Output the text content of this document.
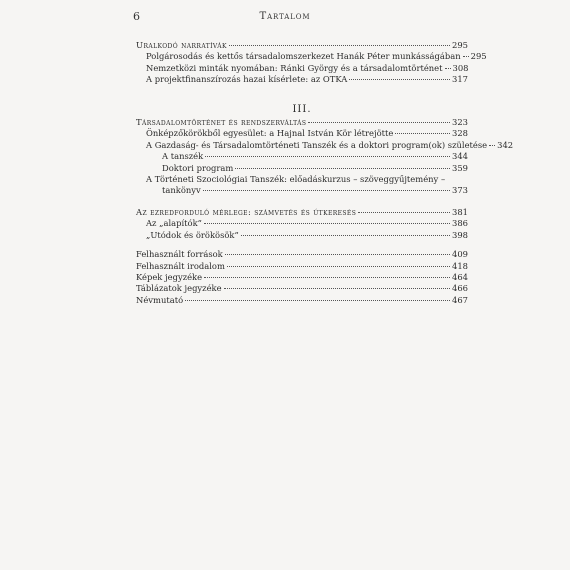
6	Tartalom
Uralkodó narratívák	295
Polgárosodás és kettős társadalomszerkezet Hanák Péter munkásságában 295
Nemzetközi minták nyomában: Ránki György és a társadalomtörténet 308
A projektfinanszírozás hazai kísérlete: az OTKA	317
III.
Társadalomtörténet és rendszerváltás	323
Önképzőkörökből egyesület: a Hajnal István Kör létrejötte	328
A Gazdaság- és Társadalomtörténeti Tanszék és a doktori program(ok) születése 342
A tanszék	344
Doktori program	359
A Történeti Szociológiai Tanszék: előadáskurzus – szöveggyűjtemény –
tankönyv	373
Az ezredforduló mérlege: számvetés és útkeresés	381
Az „alapítók”	386
„Utódok és örökösök”	398
Felhasznált források	409
Felhasznált irodalom	418
Képek jegyzéke	464
Táblázatok jegyzéke	466
Névmutató	467
